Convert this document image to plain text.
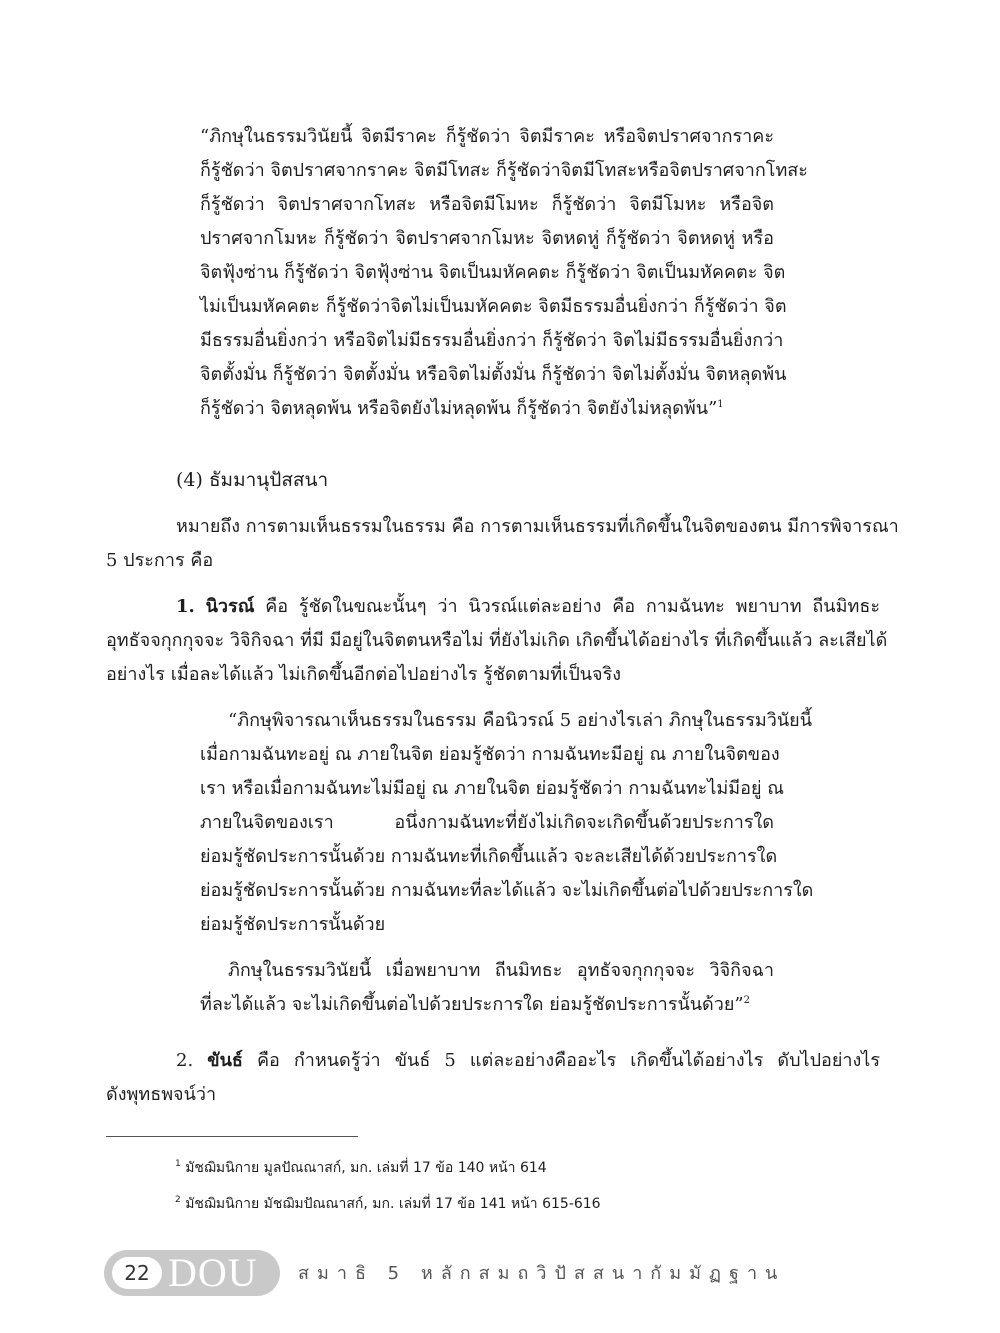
“ภิกษุในธรรมวินัยนี้ จิตมีราคะ ก็รู้ชัดว่า จิตมีราคะ หรือจิตปราศจากราคะ
ก็รู้ชัดว่า จิตปราศจากราคะ จิตมีโทสะ ก็รู้ชัดว่าจิตมีโทสะหรือจิตปราศจากโทสะ
ก็รู้ชัดว่า จิตปราศจากโทสะ หรือจิตมีโมหะ ก็รู้ชัดว่า จิตมีโมหะ หรือจิต
ปราศจากโมหะ ก็รู้ชัดว่า จิตปราศจากโมหะ จิตหดหู่ ก็รู้ชัดว่า จิตหดหู่ หรือ
จิตฟุ้งซ่าน ก็รู้ชัดว่า จิตฟุ้งซ่าน จิตเป็นมหัคคตะ ก็รู้ชัดว่า จิตเป็นมหัคคตะ จิต
ไม่เป็นมหัคคตะ ก็รู้ชัดว่าจิตไม่เป็นมหัคคตะ จิตมีธรรมอื่นยิ่งกว่า ก็รู้ชัดว่า จิต
มีธรรมอื่นยิ่งกว่า หรือจิตไม่มีธรรมอื่นยิ่งกว่า ก็รู้ชัดว่า จิตไม่มีธรรมอื่นยิ่งกว่า
จิตตั้งมั่น ก็รู้ชัดว่า จิตตั้งมั่น หรือจิตไม่ตั้งมั่น ก็รู้ชัดว่า จิตไม่ตั้งมั่น จิตหลุดพ้น
ก็รู้ชัดว่า จิตหลุดพ้น หรือจิตยังไม่หลุดพ้น ก็รู้ชัดว่า จิตยังไม่หลุดพ้น”$^1$
(4) ธัมมานุปัสสนา
หมายถึง การตามเห็นธรรมในธรรม คือ การตามเห็นธรรมที่เกิดขึ้นในจิตของตน มีการพิจารณา
5 ประการ คือ
1. นิวรณ์ คือ รู้ชัดในขณะนั้นๆ ว่า นิวรณ์แต่ละอย่าง คือ กามฉันทะ พยาบาท ถีนมิทธะ
อุทธัจจกุกกุจจะ วิจิกิจฉา ที่มี มีอยู่ในจิตตนหรือไม่ ที่ยังไม่เกิด เกิดขึ้นได้อย่างไร ที่เกิดขึ้นแล้ว ละเสียได้
อย่างไร เมื่อละได้แล้ว ไม่เกิดขึ้นอีกต่อไปอย่างไร รู้ชัดตามที่เป็นจริง
“ภิกษุพิจารณาเห็นธรรมในธรรม คือนิวรณ์ 5 อย่างไรเล่า ภิกษุในธรรมวินัยนี้
เมื่อกามฉันทะอยู่ ณ ภายในจิต ย่อมรู้ชัดว่า กามฉันทะมีอยู่ ณ ภายในจิตของ
เรา หรือเมื่อกามฉันทะไม่มีอยู่ ณ ภายในจิต ย่อมรู้ชัดว่า กามฉันทะไม่มีอยู่ ณ
ภายในจิตของเรา อนึ่งกามฉันทะที่ยังไม่เกิดจะเกิดขึ้นด้วยประการใด
ย่อมรู้ชัดประการนั้นด้วย กามฉันทะที่เกิดขึ้นแล้ว จะละเสียได้ด้วยประการใด
ย่อมรู้ชัดประการนั้นด้วย กามฉันทะที่ละได้แล้ว จะไม่เกิดขึ้นต่อไปด้วยประการใด
ย่อมรู้ชัดประการนั้นด้วย
ภิกษุในธรรมวินัยนี้ เมื่อพยาบาท ถีนมิทธะ อุทธัจจกุกกุจจะ วิจิกิจฉา
ที่ละได้แล้ว จะไม่เกิดขึ้นต่อไปด้วยประการใด ย่อมรู้ชัดประการนั้นด้วย”$^2$
2. ขันธ์ คือ กำหนดรู้ว่า ขันธ์ 5 แต่ละอย่างคืออะไร เกิดขึ้นได้อย่างไร ดับไปอย่างไร
ดังพุทธพจน์ว่า
$^1$ มัชฌิมนิกาย มูลปัณณาสก์, มก. เล่มที่ 17 ข้อ 140 หน้า 614
$^2$ มัชฌิมนิกาย มัชฌิมปัณณาสก์, มก. เล่มที่ 17 ข้อ 141 หน้า 615-616
22 DOU สมาธิ 5 หลักสมถวิปัสสนากัมมัฏฐาน
